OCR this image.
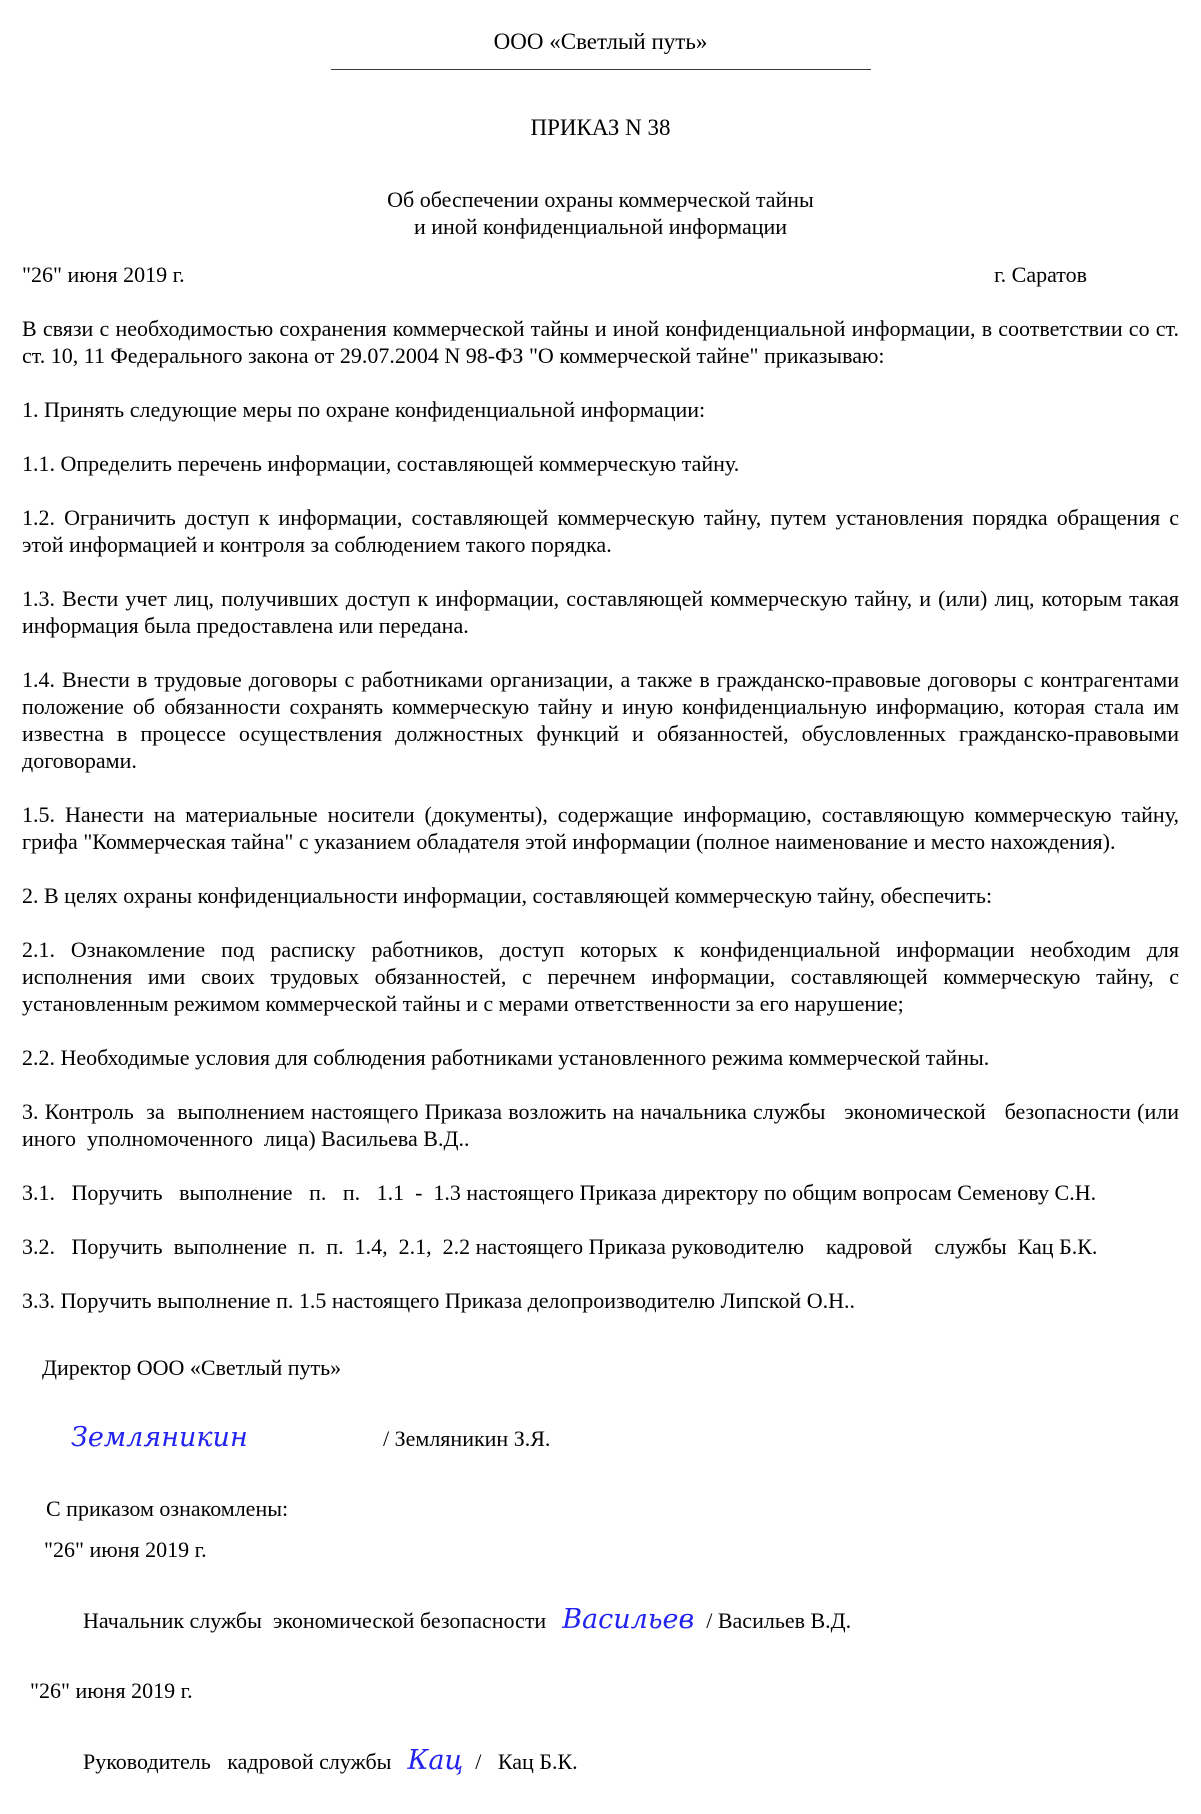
ООО «Светлый путь»
ПРИКАЗ N 38
Об обеспечении охраны коммерческой тайны
и иной конфиденциальной информации
"26" июня 2019 г.	г. Саратов

В связи с необходимостью сохранения коммерческой тайны и иной конфиденциальной информации, в соответствии со ст. ст. 10, 11 Федерального закона от 29.07.2004 N 98-ФЗ "О коммерческой тайне" приказываю:

1. Принять следующие меры по охране конфиденциальной информации:

1.1. Определить перечень информации, составляющей коммерческую тайну.

1.2. Ограничить доступ к информации, составляющей коммерческую тайну, путем установления порядка обращения с этой информацией и контроля за соблюдением такого порядка.

1.3. Вести учет лиц, получивших доступ к информации, составляющей коммерческую тайну, и (или) лиц, которым такая информация была предоставлена или передана.

1.4. Внести в трудовые договоры с работниками организации, а также в гражданско-правовые договоры с контрагентами положение об обязанности сохранять коммерческую тайну и иную конфиденциальную информацию, которая стала им известна в процессе осуществления должностных функций и обязанностей, обусловленных гражданско-правовыми договорами.

1.5. Нанести на материальные носители (документы), содержащие информацию, составляющую коммерческую тайну, грифа "Коммерческая тайна" с указанием обладателя этой информации (полное наименование и место нахождения).

2. В целях охраны конфиденциальности информации, составляющей коммерческую тайну, обеспечить:

2.1. Ознакомление под расписку работников, доступ которых к конфиденциальной информации необходим для исполнения ими своих трудовых обязанностей, с перечнем информации, составляющей коммерческую тайну, с установленным режимом коммерческой тайны и с мерами ответственности за его нарушение;

2.2. Необходимые условия для соблюдения работниками установленного режима коммерческой тайны.

3. Контроль  за  выполнением настоящего Приказа возложить на начальника службы   экономической   безопасности (или  иного  уполномоченного  лица) Васильева В.Д..

3.1.   Поручить   выполнение   п.   п.   1.1  -  1.3 настоящего Приказа директору по общим вопросам Семенову С.Н.

3.2.   Поручить  выполнение  п.  п.  1.4,  2.1,  2.2 настоящего Приказа руководителю    кадровой    службы  Кац Б.К.

3.3. Поручить выполнение п. 1.5 настоящего Приказа делопроизводителю Липской О.Н..

Директор ООО «Светлый путь»

Земляникин	/ Земляникин З.Я.

С приказом ознакомлены:
"26" июня 2019 г.

Начальник службы  экономической безопасности Васильев / Васильев В.Д.

"26" июня 2019 г.

Руководитель   кадровой службы Кац /   Кац Б.К.
